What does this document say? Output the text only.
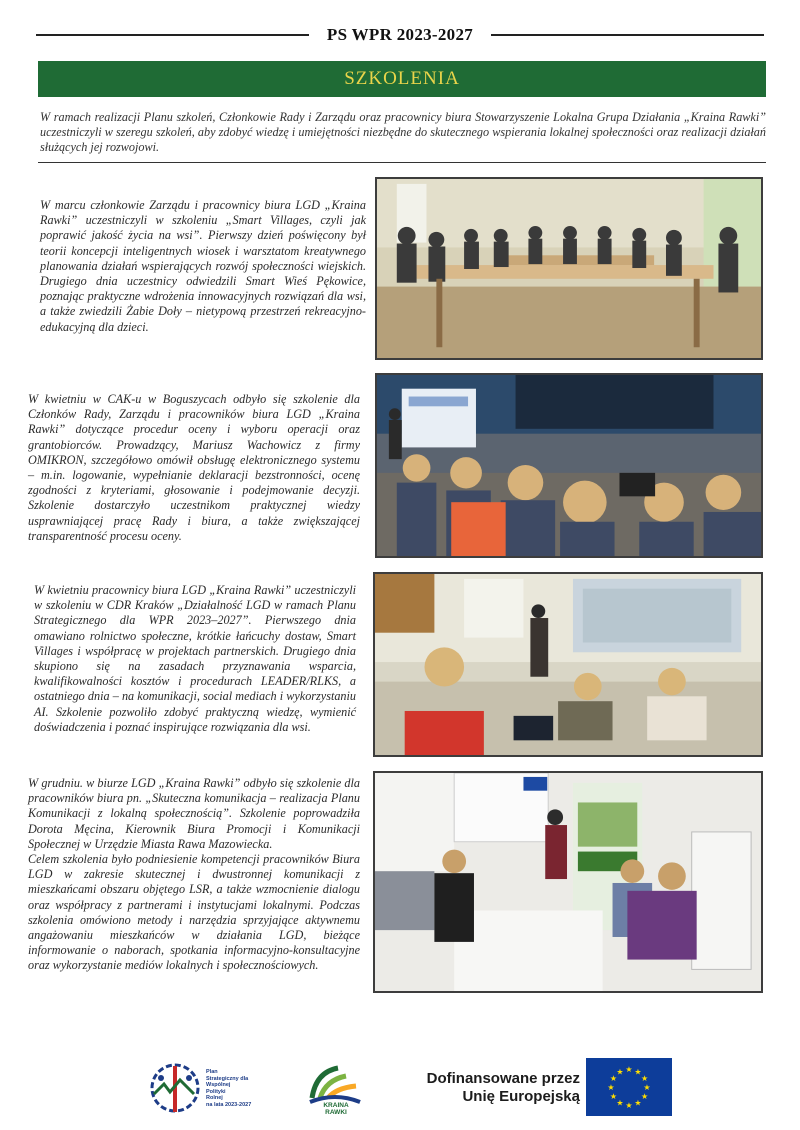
PS WPR 2023-2027
SZKOLENIA
W ramach realizacji Planu szkoleń, Członkowie Rady i Zarządu oraz pracownicy biura Stowarzyszenie Lokalna Grupa Działania „Kraina Rawki” uczestniczyli w szeregu szkoleń, aby zdobyć wiedzę i umiejętności niezbędne do skutecznego wspierania lokalnej społeczności oraz realizacji działań służących jej rozwojowi.
W marcu członkowie Zarządu i pracownicy biura LGD „Kraina Rawki” uczestniczyli w szkoleniu „Smart Villages, czyli jak poprawić jakość życia na wsi”. Pierwszy dzień poświęcony był teorii koncepcji inteligentnych wiosek i warsztatom kreatywnego planowania działań wspierających rozwój społeczności wiejskich. Drugiego dnia uczestnicy odwiedzili Smart Wieś Pękowice, poznając praktyczne wdrożenia innowacyjnych rozwiązań dla wsi, a także zwiedzili Żabie Doły – nietypową przestrzeń rekreacyjno-edukacyjną dla dzieci.
W kwietniu w CAK-u w Boguszycach odbyło się szkolenie dla Członków Rady, Zarządu i pracowników biura LGD „Kraina Rawki” dotyczące procedur oceny i wyboru operacji oraz grantobiorców. Prowadzący, Mariusz Wachowicz z firmy OMIKRON, szczegółowo omówił obsługę elektronicznego systemu – m.in. logowanie, wypełnianie deklaracji bezstronności, ocenę zgodności z kryteriami, głosowanie i podejmowanie decyzji. Szkolenie dostarczyło uczestnikom praktycznej wiedzy usprawniającej pracę Rady i biura, a także zwiększającej transparentność procesu oceny.
W kwietniu pracownicy biura LGD „Kraina Rawki” uczestniczyli w szkoleniu w CDR Kraków „Działalność LGD w ramach Planu Strategicznego dla WPR 2023–2027”. Pierwszego dnia omawiano rolnictwo społeczne, krótkie łańcuchy dostaw, Smart Villages i współpracę w projektach partnerskich. Drugiego dnia skupiono się na zasadach przyznawania wsparcia, kwalifikowalności kosztów i procedurach LEADER/RLKS, a ostatniego dnia – na komunikacji, social mediach i wykorzystaniu AI. Szkolenie pozwoliło zdobyć praktyczną wiedzę, wymienić doświadczenia i poznać inspirujące rozwiązania dla wsi.
W grudniu. w biurze LGD „Kraina Rawki” odbyło się szkolenie dla pracowników biura pn. „Skuteczna komunikacja – realizacja Planu Komunikacji z lokalną społecznością”. Szkolenie poprowadziła Dorota Męcina, Kierownik Biura Promocji i Komunikacji Społecznej w Urzędzie Miasta Rawa Mazowiecka.
Celem szkolenia było podniesienie kompetencji pracowników Biura LGD w zakresie skutecznej i dwustronnej komunikacji z mieszkańcami obszaru objętego LSR, a także wzmocnienie dialogu oraz współpracy z partnerami i instytucjami lokalnymi. Podczas szkolenia omówiono metody i narzędzia sprzyjające aktywnemu angażowaniu mieszkańców w działania LGD, bieżące informowanie o naborach, spotkania informacyjno-konsultacyjne oraz wykorzystanie mediów lokalnych i społecznościowych.
Plan
Strategiczny dla
Wspólnej
Polityki
Rolnej
na lata 2023-2027	KRAINA RAWKI
Dofinansowane przez
Unię Europejską
★
★
★
★
★
★
★
★
★ ★ ★
★
